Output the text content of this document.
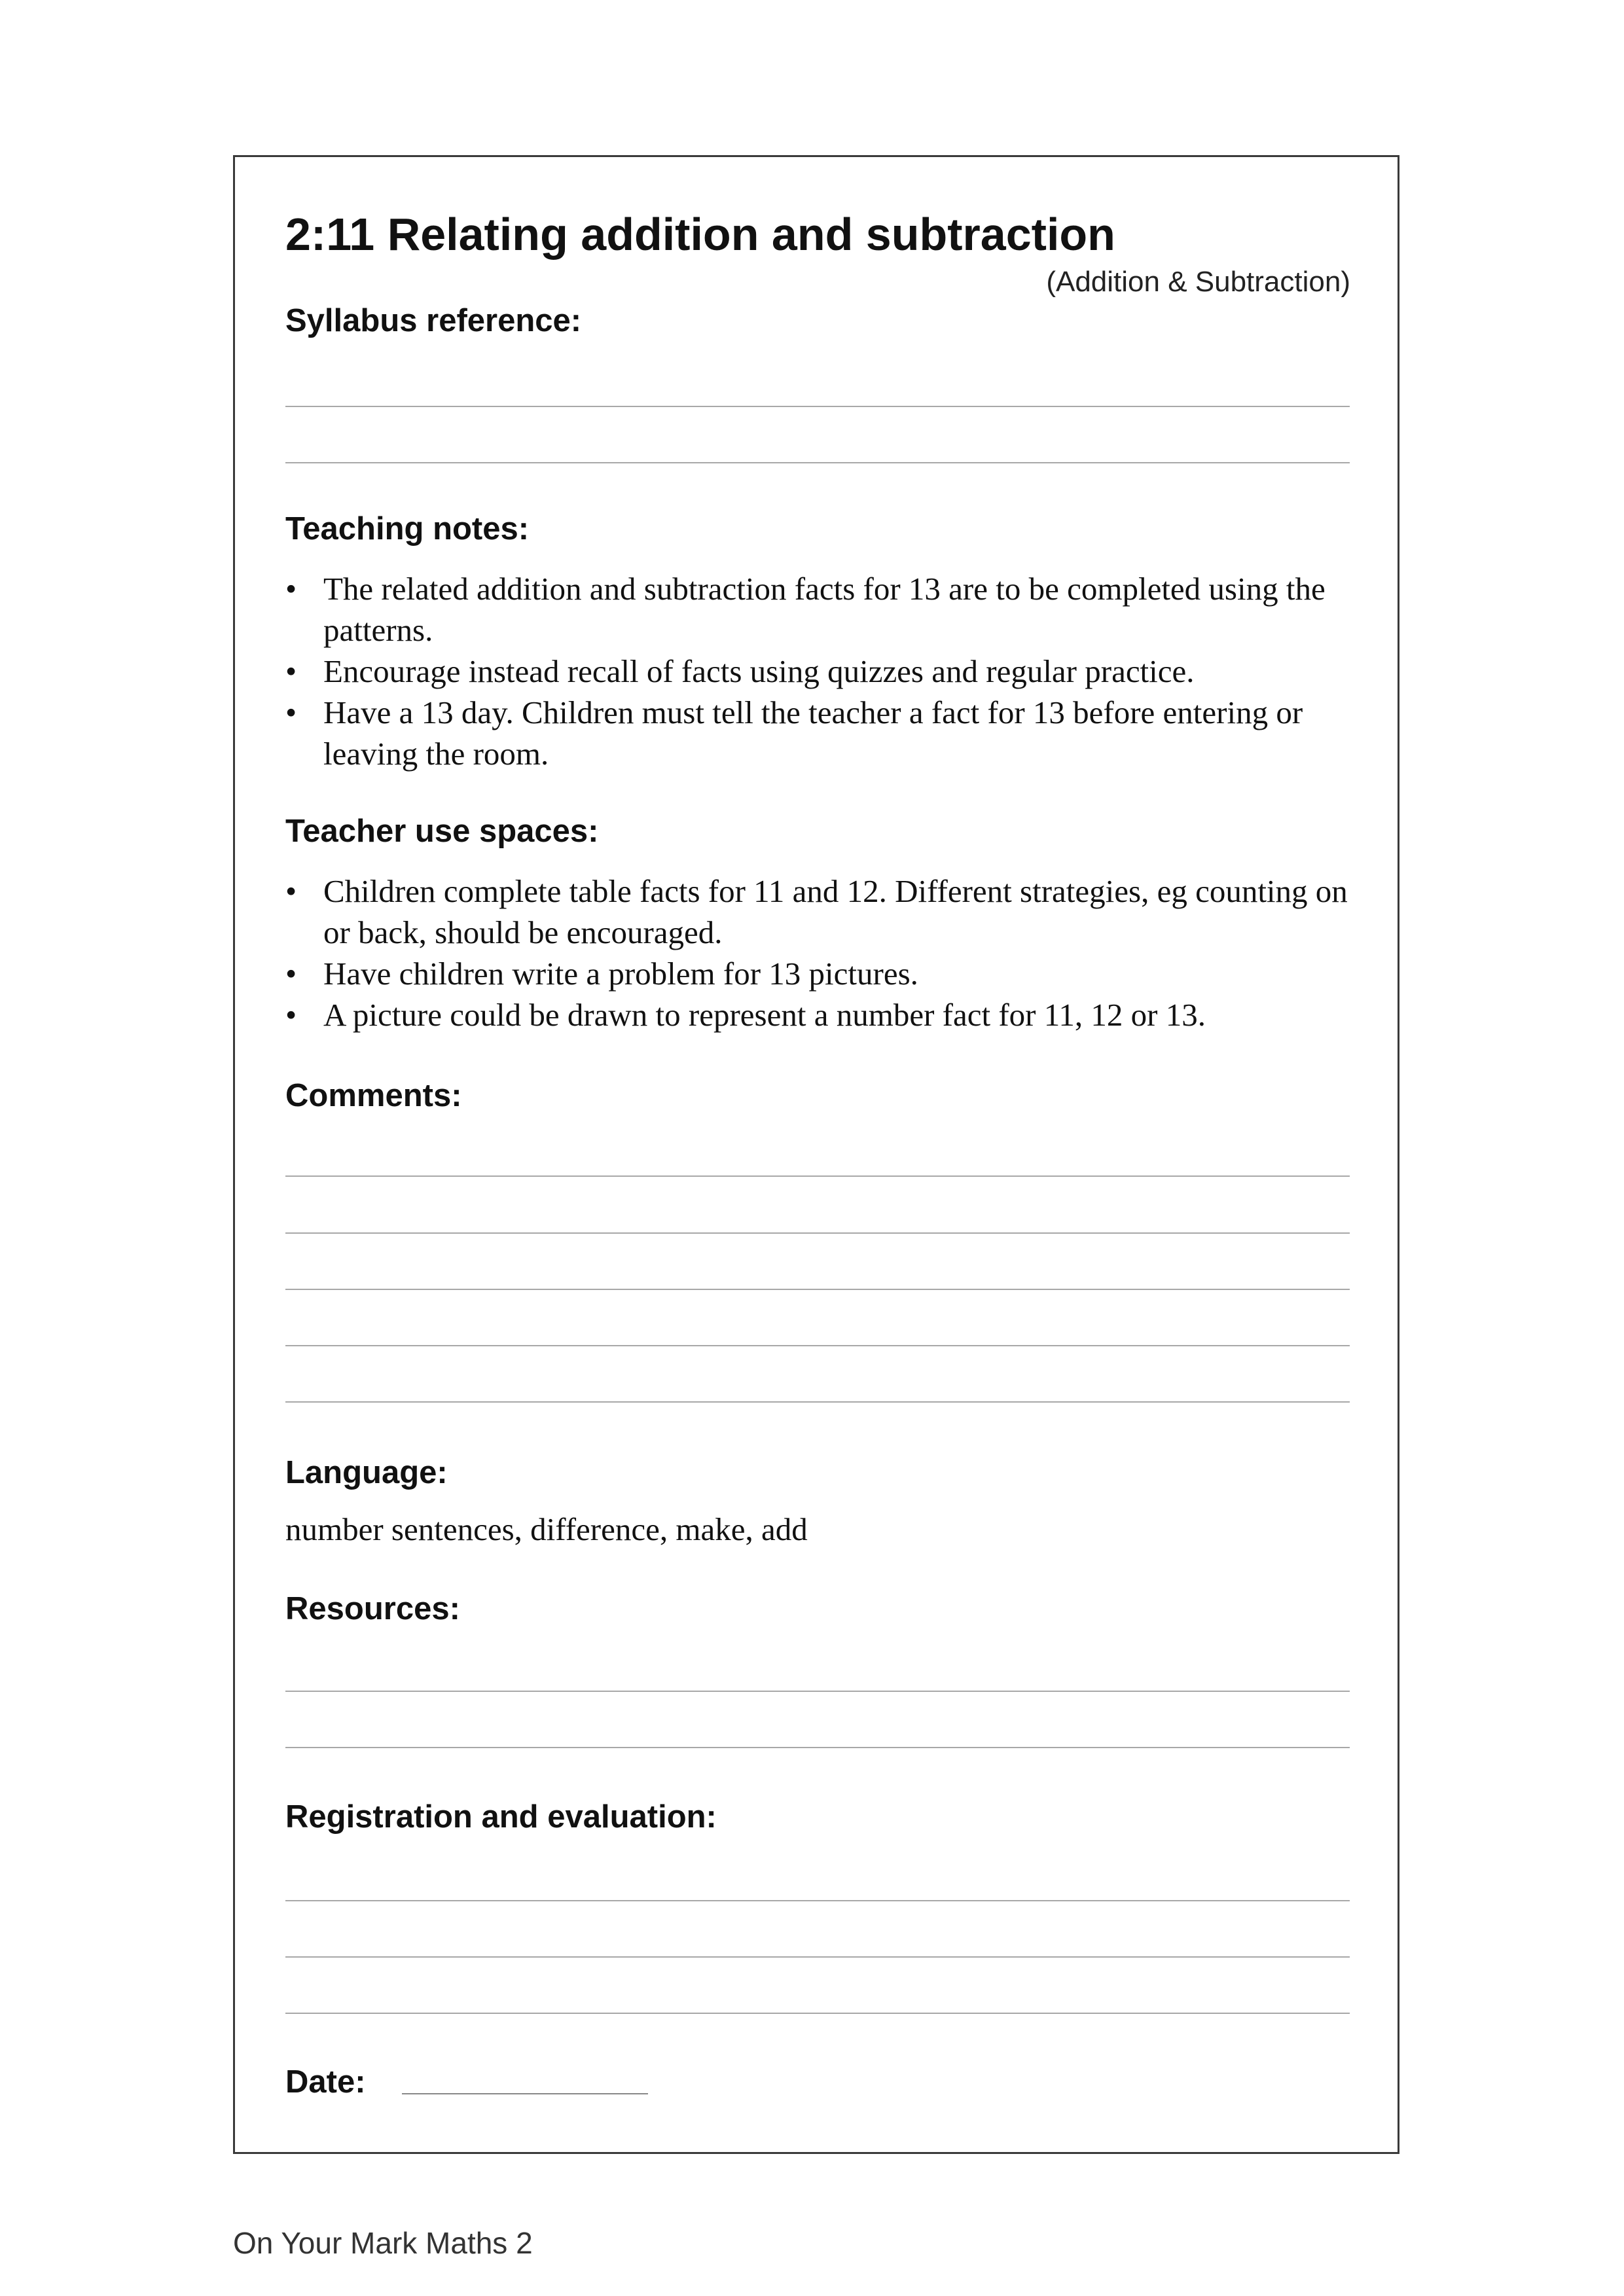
2:11 Relating addition and subtraction
(Addition & Subtraction)
Syllabus reference:
Teaching notes:
• The related addition and subtraction facts for 13 are to be completed using the patterns.
• Encourage instead recall of facts using quizzes and regular practice.
• Have a 13 day. Children must tell the teacher a fact for 13 before entering or leaving the room.
Teacher use spaces:
• Children complete table facts for 11 and 12. Different strategies, eg counting on or back, should be encouraged.
• Have children write a problem for 13 pictures.
• A picture could be drawn to represent a number fact for 11, 12 or 13.
Comments:
Language:
number sentences, difference, make, add
Resources:
Registration and evaluation:
Date:
On Your Mark Maths 2
